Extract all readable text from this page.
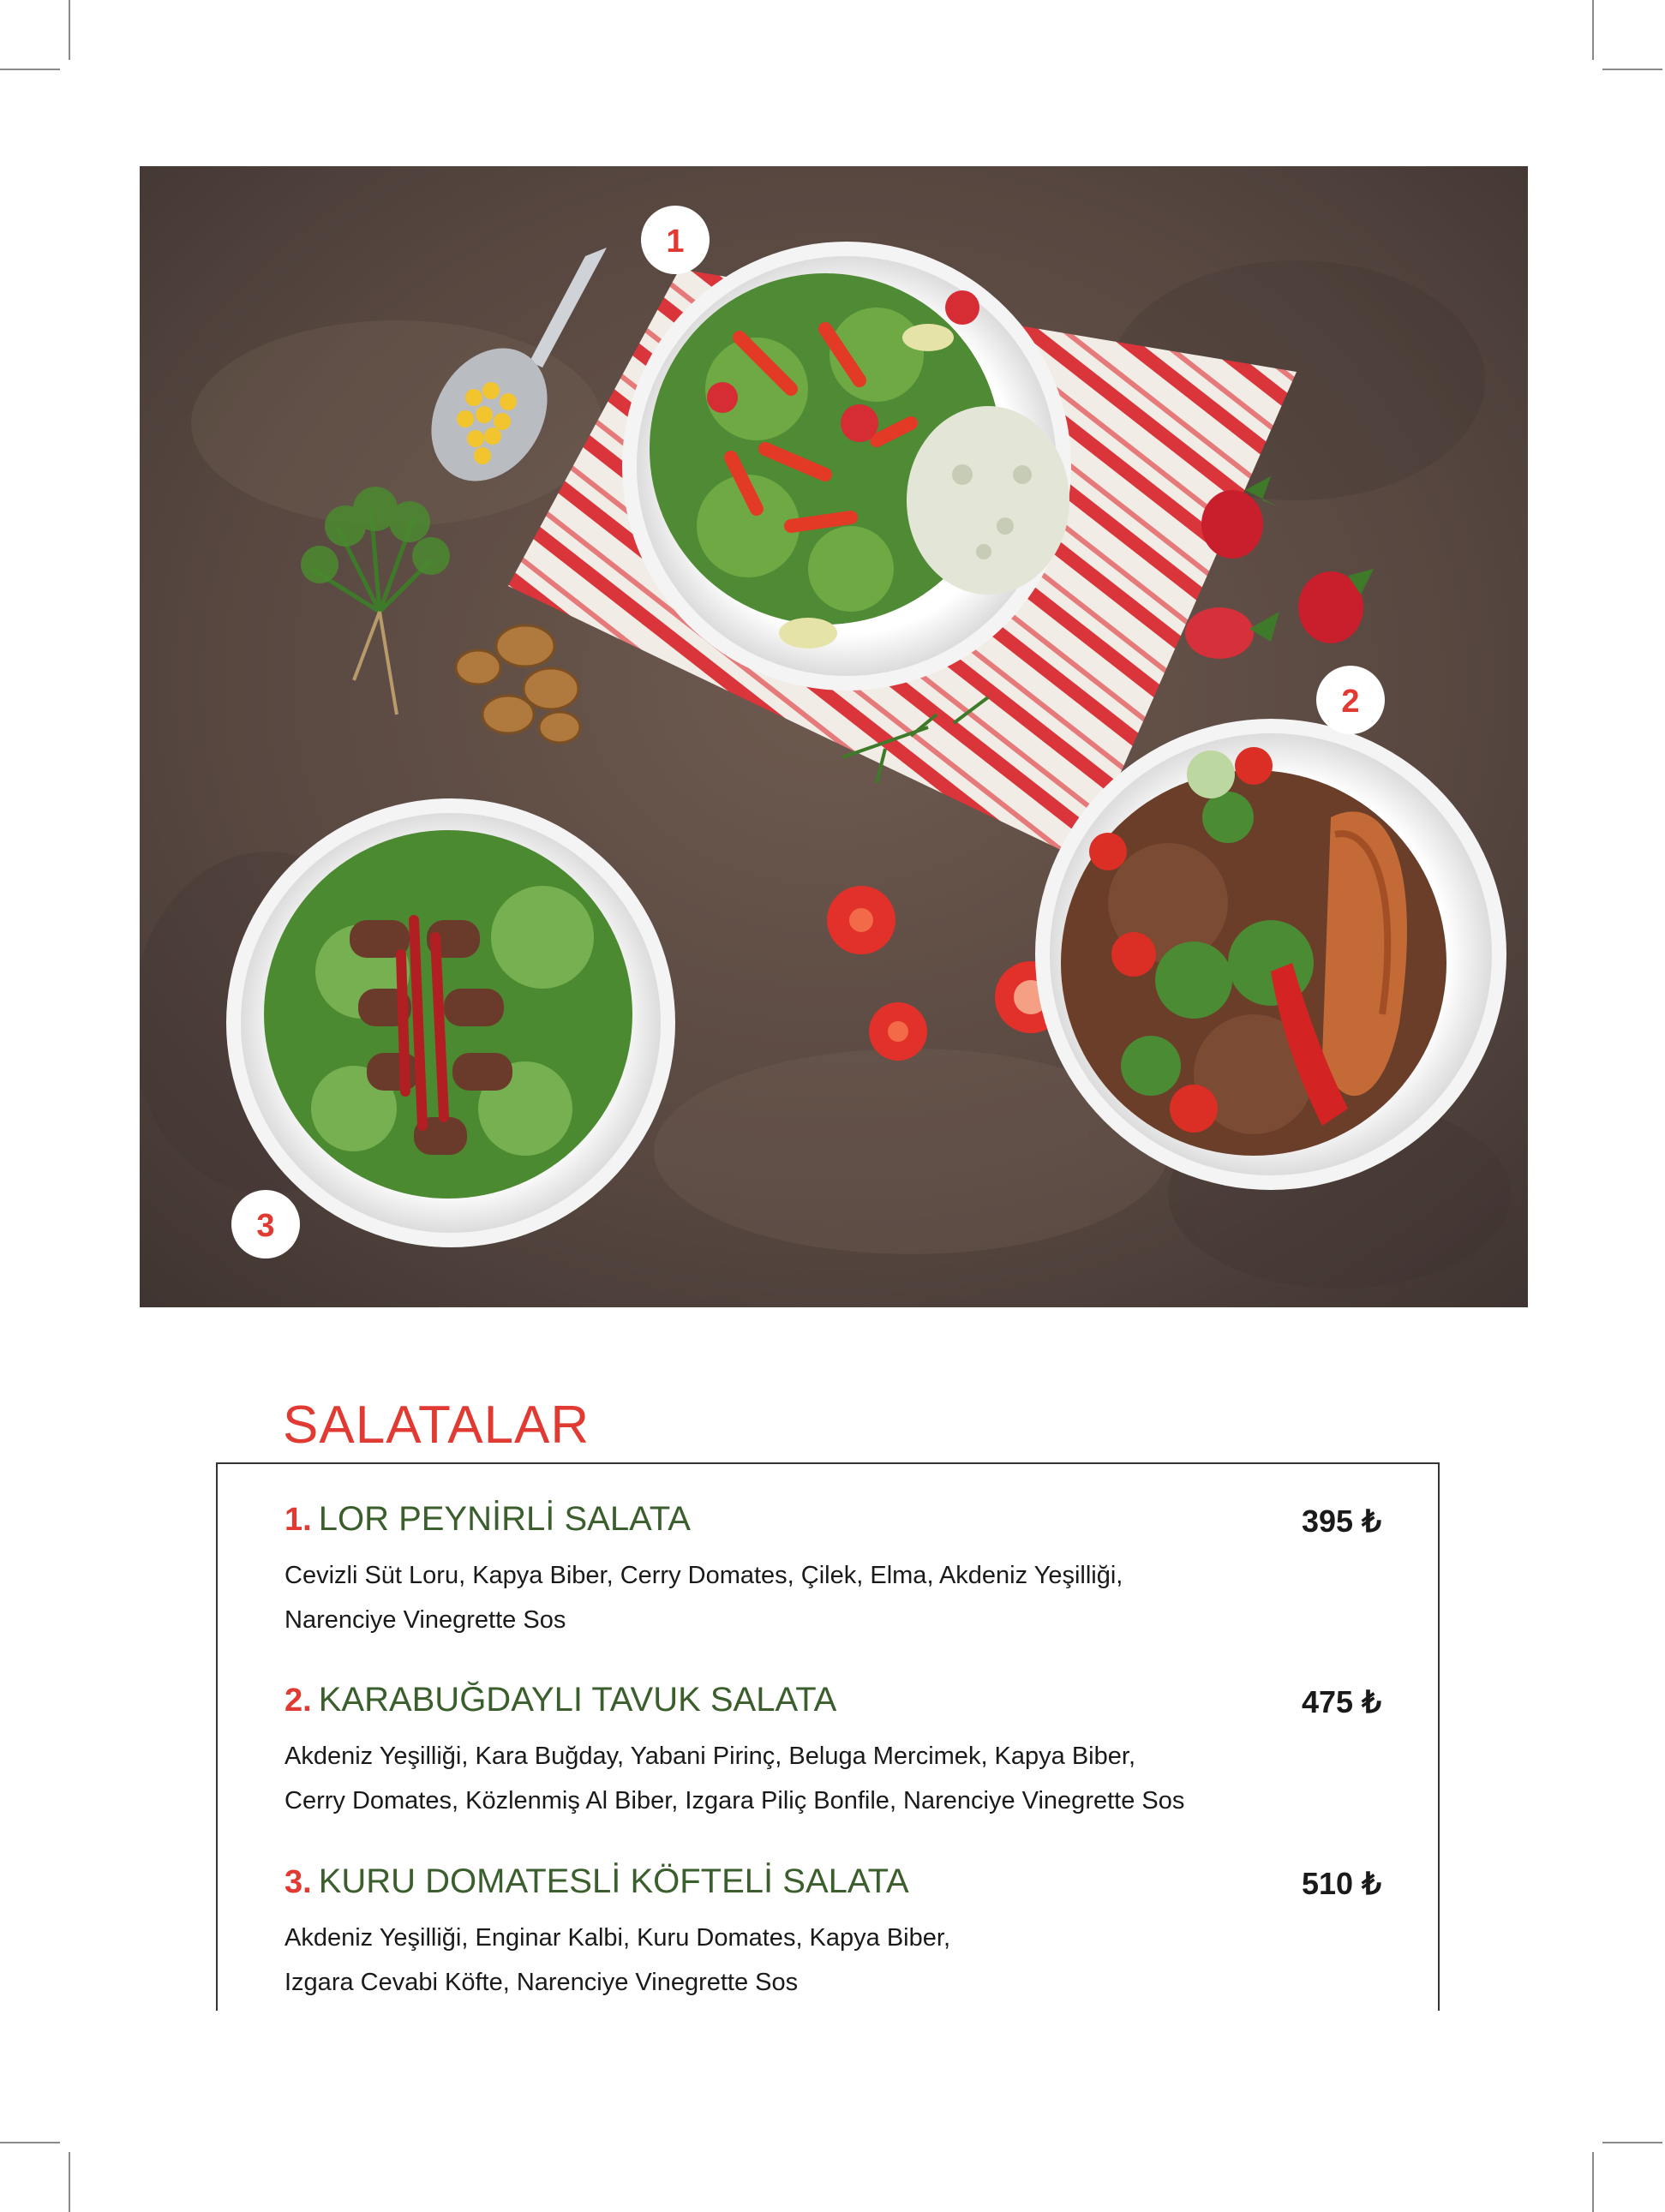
1
2
3
SALATALAR
1. LOR PEYNİRLİ SALATA	395 ₺

Cevizli Süt Loru, Kapya Biber, Cerry Domates, Çilek, Elma, Akdeniz Yeşilliği,
Narenciye Vinegrette Sos

2. KARABUĞDAYLI TAVUK SALATA	475 ₺

Akdeniz Yeşilliği, Kara Buğday, Yabani Pirinç, Beluga Mercimek, Kapya Biber,
Cerry Domates, Közlenmiş Al Biber, Izgara Piliç Bonfile, Narenciye Vinegrette Sos

3. KURU DOMATESLİ KÖFTELİ SALATA	510 ₺

Akdeniz Yeşilliği, Enginar Kalbi, Kuru Domates, Kapya Biber,
Izgara Cevabi Köfte, Narenciye Vinegrette Sos
